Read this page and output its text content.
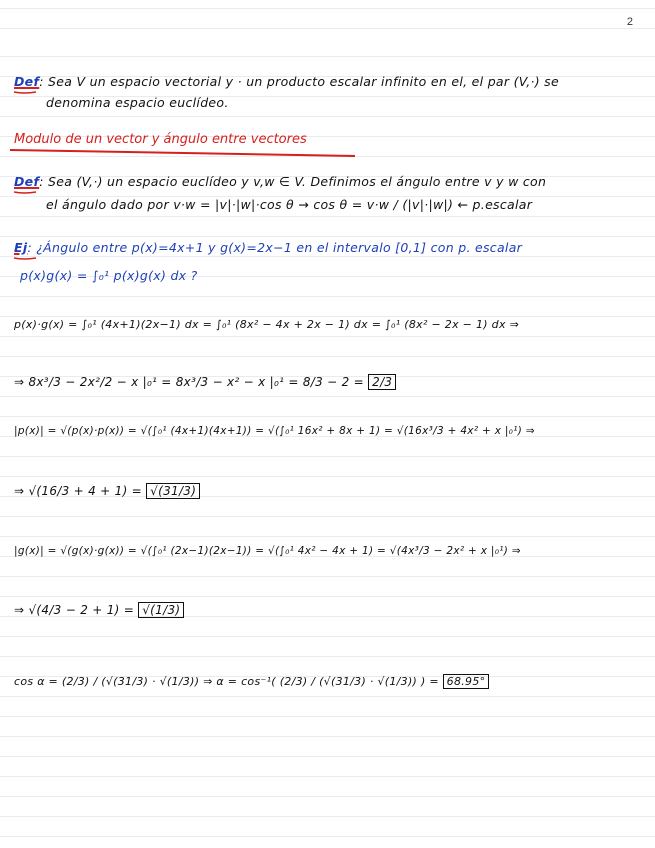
2
Def: Sea V un espacio vectorial y · un producto escalar infinito en el, el par (V,·) se
denomina espacio euclídeo.
Modulo de un vector y ángulo entre vectores
Def: Sea (V,·) un espacio euclídeo y v,w ∈ V. Definimos el ángulo entre v y w con
el ángulo dado por v·w = |v|·|w|·cos θ → cos θ = v·w / (|v|·|w|) ← p.escalar
Ej: ¿Ángulo entre p(x)=4x+1 y g(x)=2x−1 en el intervalo [0,1] con p. escalar
p(x)g(x) = ∫₀¹ p(x)g(x) dx ?
p(x)·g(x) = ∫₀¹ (4x+1)(2x−1) dx = ∫₀¹ (8x² − 4x + 2x − 1) dx = ∫₀¹ (8x² − 2x − 1) dx ⇒
⇒ 8x³/3 − 2x²/2 − x |₀¹ = 8x³/3 − x² − x |₀¹ = 8/3 − 2 = 2/3
|p(x)| = √(p(x)·p(x)) = √(∫₀¹ (4x+1)(4x+1)) = √(∫₀¹ 16x² + 8x + 1) = √(16x³/3 + 4x² + x |₀¹) ⇒
⇒ √(16/3 + 4 + 1) = √(31/3)
|g(x)| = √(g(x)·g(x)) = √(∫₀¹ (2x−1)(2x−1)) = √(∫₀¹ 4x² − 4x + 1) = √(4x³/3 − 2x² + x |₀¹) ⇒
⇒ √(4/3 − 2 + 1) = √(1/3)
cos α = (2/3) / (√(31/3) · √(1/3)) ⇒ α = cos⁻¹( (2/3) / (√(31/3) · √(1/3)) ) = 68.95°
